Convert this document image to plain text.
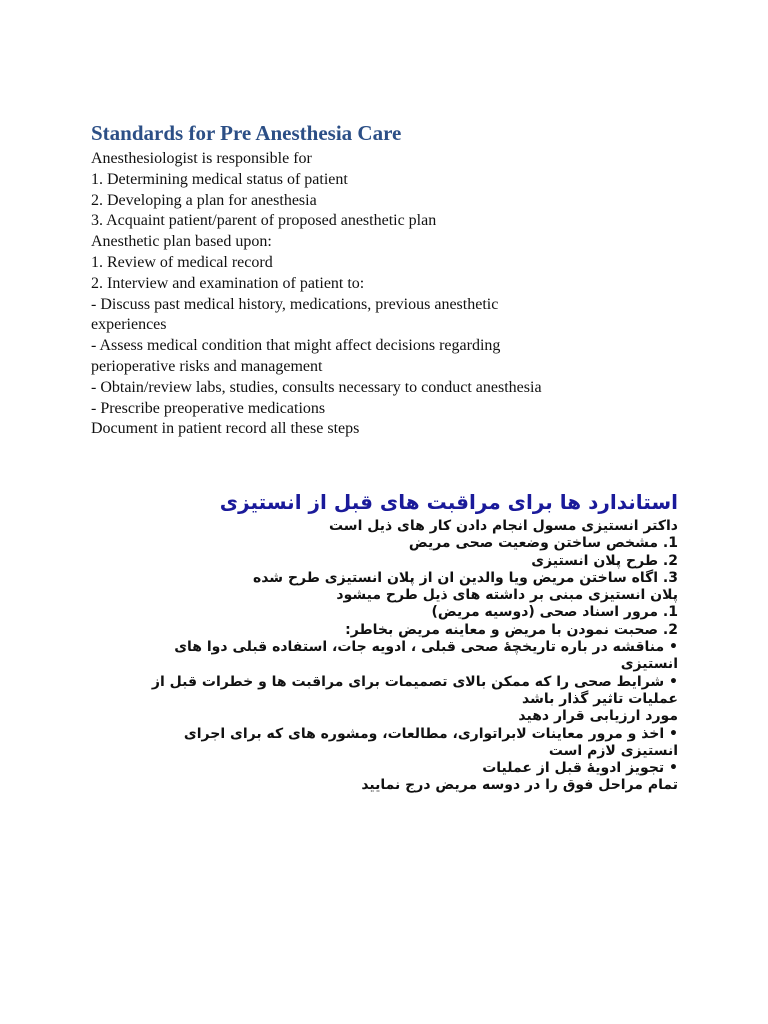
Standards for Pre Anesthesia Care

Anesthesiologist is responsible for

1. Determining medical status of patient

2. Developing a plan for anesthesia

3. Acquaint patient/parent of proposed anesthetic plan

Anesthetic plan based upon:

1. Review of medical record

2. Interview and examination of patient to:

- Discuss past medical history, medications, previous anesthetic

experiences

- Assess medical condition that might affect decisions regarding

perioperative risks and management

- Obtain/review labs, studies, consults necessary to conduct anesthesia

- Prescribe preoperative medications

Document in patient record all these steps

استاندارد ها برای مراقبت های قبل از انستیزی

داکتر انستیزی مسول انجام دادن کار های ذیل است

1. مشخص ساختن وضعیت صحی مریض

2. طرح پلان انستیزی

3. اگاه ساختن مریض ویا والدین ان از پلان انستیزی طرح شده

پلان انستیزی مبنی بر داشته های ذیل طرح میشود

1. مرور اسناد صحی (دوسیه مریض)

2. صحبت نمودن با مریض و معاینه مریض بخاطر:

• مناقشه در باره تاریخچۀ صحی قبلی ، ادویه جات، استفاده قبلی دوا های

انستیزی

• شرایط صحی را که ممکن بالای تصمیمات برای مراقبت ها و خطرات قبل از

عملیات تاثیر گذار باشد

مورد ارزیابی قرار دهید

• اخذ و مرور معاینات لابراتواری، مطالعات، ومشوره های که برای اجرای

انستیزی لازم است

• تجویز ادویۀ قبل از عملیات

تمام مراحل فوق را در دوسه مریض درج نمایید
